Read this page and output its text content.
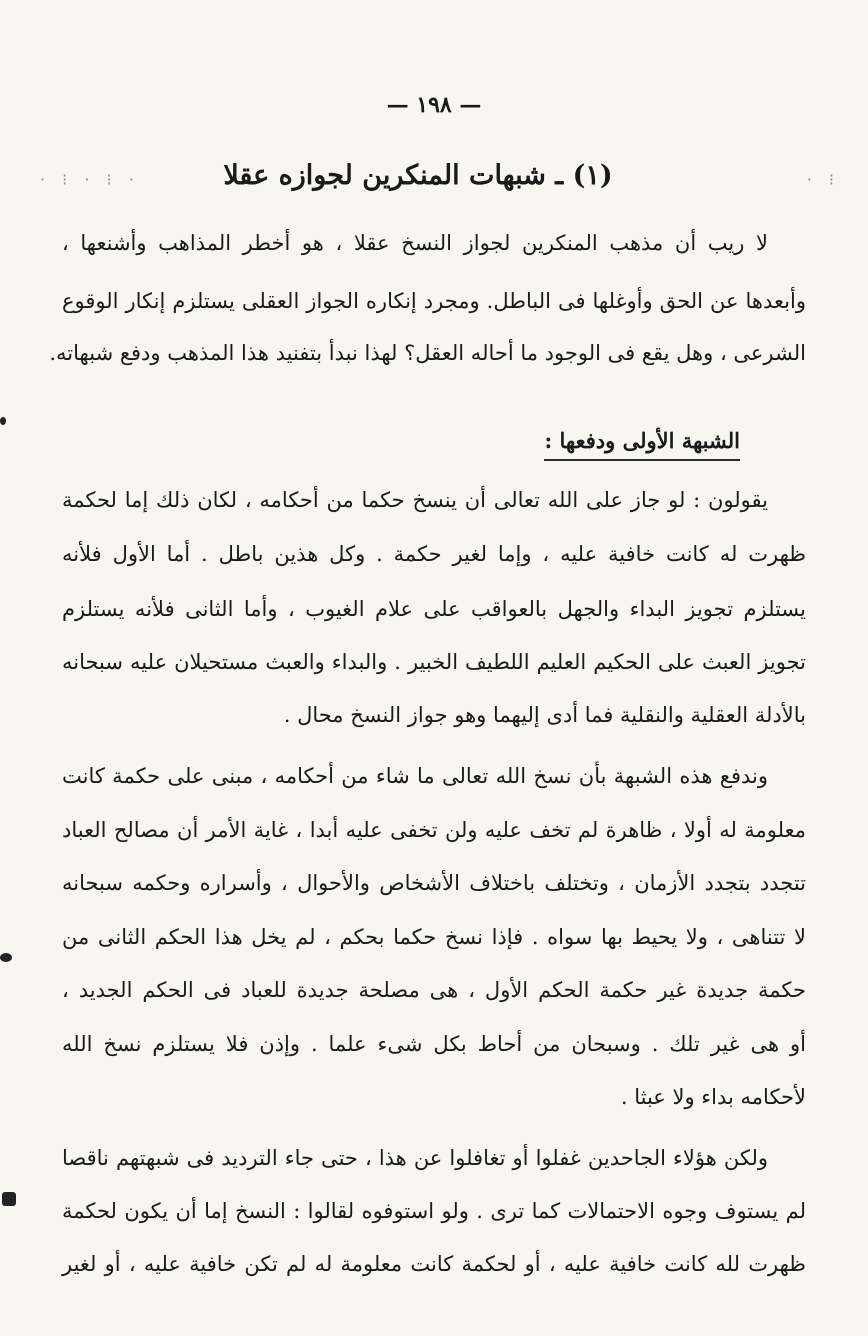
· ⁝ · ⁝ ·	⁝ ·
— ١٩٨ —
(١) ـ شبهات المنكرين لجوازه عقلا
لا ريب أن مذهب المنكرين لجواز النسخ عقلا ، هو أخطر المذاهب وأشنعها ،
وأبعدها عن الحق وأوغلها فى الباطل. ومجرد إنكاره الجواز العقلى يستلزم إنكار الوقوع
الشرعى ، وهل يقع فى الوجود ما أحاله العقل؟ لهذا نبدأ بتفنيد هذا المذهب ودفع شبهاته.
الشبهة الأولى ودفعها :
يقولون : لو جاز على الله تعالى أن ينسخ حكما من أحكامه ، لكان ذلك إما لحكمة
ظهرت له كانت خافية عليه ، وإما لغير حكمة . وكل هذين باطل . أما الأول فلأنه
يستلزم تجويز البداء والجهل بالعواقب على علام الغيوب ، وأما الثانى فلأنه يستلزم
تجويز العبث على الحكيم العليم اللطيف الخبير . والبداء والعبث مستحيلان عليه سبحانه
بالأدلة العقلية والنقلية فما أدى إليهما وهو جواز النسخ محال .
وندفع هذه الشبهة بأن نسخ الله تعالى ما شاء من أحكامه ، مبنى على حكمة كانت
معلومة له أولا ، ظاهرة لم تخف عليه ولن تخفى عليه أبدا ، غاية الأمر أن مصالح العباد
تتجدد بتجدد الأزمان ، وتختلف باختلاف الأشخاص والأحوال ، وأسراره وحكمه سبحانه
لا تتناهى ، ولا يحيط بها سواه . فإذا نسخ حكما بحكم ، لم يخل هذا الحكم الثانى من
حكمة جديدة غير حكمة الحكم الأول ، هى مصلحة جديدة للعباد فى الحكم الجديد ،
أو هى غير تلك . وسبحان من أحاط بكل شىء علما . وإذن فلا يستلزم نسخ الله
لأحكامه بداء ولا عبثا .
ولكن هؤلاء الجاحدين غفلوا أو تغافلوا عن هذا ، حتى جاء الترديد فى شبهتهم ناقصا
لم يستوف وجوه الاحتمالات كما ترى . ولو استوفوه لقالوا : النسخ إما أن يكون لحكمة
ظهرت لله كانت خافية عليه ، أو لحكمة كانت معلومة له لم تكن خافية عليه ، أو لغير
